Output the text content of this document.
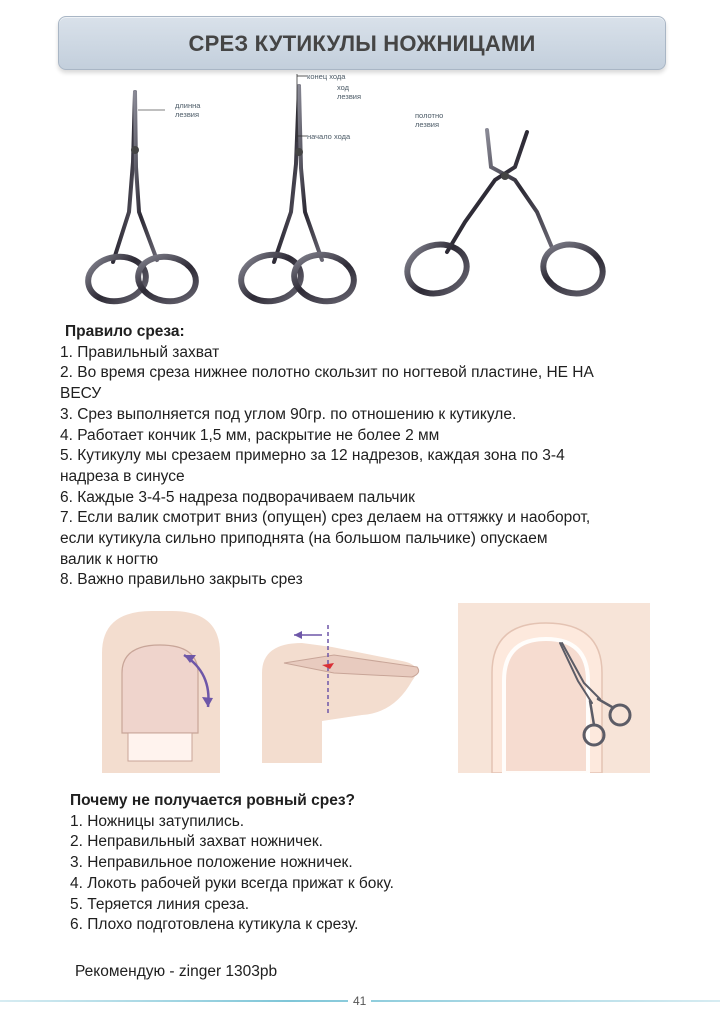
СРЕЗ КУТИКУЛЫ НОЖНИЦАМИ
длинна
лезвия
конец хода
ход
лезвия
начало хода
полотно
лезвия
Правило среза:
1. Правильный захват
2. Во время среза нижнее полотно скользит по ногтевой пластине, НЕ НА
ВЕСУ
3. Срез выполняется под углом 90гр. по отношению к кутикуле.
4. Работает кончик 1,5 мм, раскрытие не более 2 мм
5. Кутикулу мы срезаем примерно за 12 надрезов, каждая зона по 3-4
надреза в синусе
6. Каждые 3-4-5 надреза подворачиваем пальчик
7. Если валик смотрит вниз (опущен) срез делаем на оттяжку и наоборот,
если кутикула сильно приподнята (на большом пальчике) опускаем
валик к ногтю
8. Важно правильно закрыть срез
Почему не получается ровный срез?
1. Ножницы затупились.
2. Неправильный захват ножничек.
3. Неправильное положение ножничек.
4. Локоть рабочей руки всегда прижат к боку.
5. Теряется линия среза.
6. Плохо подготовлена кутикула к срезу.
Рекомендую - zinger 1303pb
41
